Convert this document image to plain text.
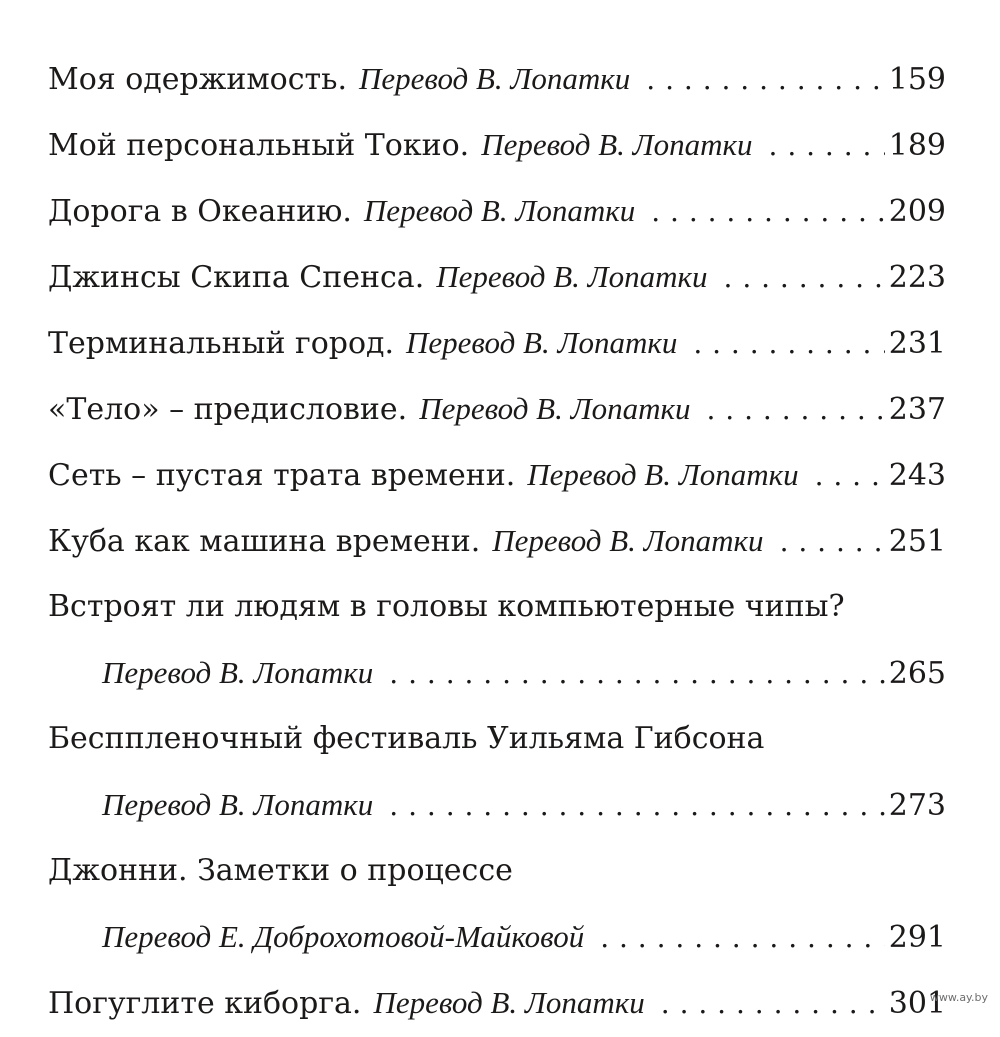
Моя одержимость. Перевод В. Лопатки . . .	159
Мой персональный Токио. Перевод В. Лопатки . . .	189
Дорога в Океанию. Перевод В. Лопатки . . .	209
Джинсы Скипа Спенса. Перевод В. Лопатки . . .	223
Терминальный город. Перевод В. Лопатки . . .	231
«Тело» – предисловие. Перевод В. Лопатки . . .	237
Сеть – пустая трата времени. Перевод В. Лопатки . . .	243
Куба как машина времени. Перевод В. Лопатки . . .	251
Встроят ли людям в головы компьютерные чипы?
Перевод В. Лопатки . . .	265
Бесппленочный фестиваль Уильяма Гибсона
Перевод В. Лопатки . . .	273
Джонни. Заметки о процессе
Перевод Е. Доброхотовой-Майковой . . .	291
Погуглите киборга. Перевод В. Лопатки . . .	301
www.ay.by
